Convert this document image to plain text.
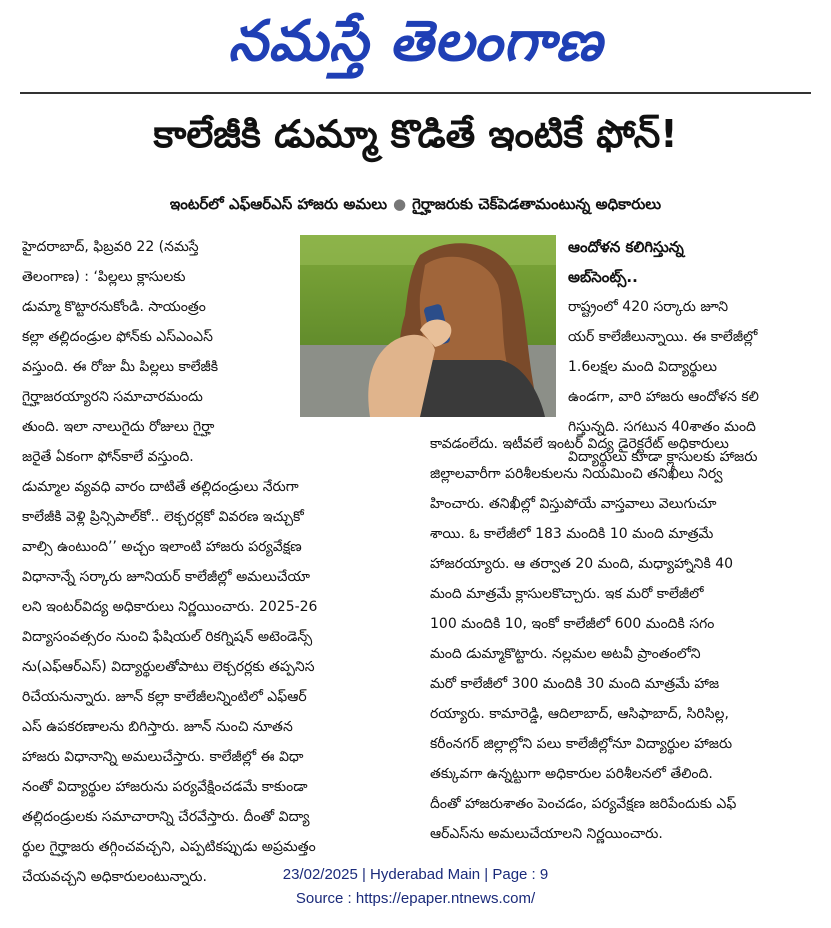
నమస్తే తెలంగాణ
కాలేజీకి డుమ్మా కొడితే ఇంటికే ఫోన్!
ఇంటర్‌లో ఎఫ్‌ఆర్‌ఎస్ హాజరు అమలు ● గైర్హాజరుకు చెక్‌పెడతామంటున్న అధికారులు
హైదరాబాద్, ఫిబ్రవరి 22 (నమస్తే
తెలంగాణ) : ‘పిల్లలు క్లాసులకు
డుమ్మా కొట్టారనుకోండి. సాయంత్రం
కల్లా తల్లిదండ్రుల ఫోన్‌కు ఎస్‌ఎంఎస్
వస్తుంది. ఈ రోజు మీ పిల్లలు కాలేజీకి
గైర్హాజరయ్యారని సమాచారమందు
తుంది. ఇలా నాలుగైదు రోజులు గైర్హా
జరైతే ఏకంగా ఫోన్‌కాలే వస్తుంది.
డుమ్మాల వ్యవధి వారం దాటితే తల్లిదండ్రులు నేరుగా
కాలేజీకి వెళ్లి ప్రిన్సిపాల్‌కో.. లెక్చరర్లకో వివరణ ఇచ్చుకో
వాల్సి ఉంటుంది’’ అచ్చం ఇలాంటి హాజరు పర్యవేక్షణ
విధానాన్నే సర్కారు జూనియర్ కాలేజీల్లో అమలుచేయా
లని ఇంటర్‌విద్య అధికారులు నిర్ణయించారు. 2025-26
విద్యాసంవత్సరం నుంచి ఫేషియల్ రికగ్నిషన్ అటెండెన్స్
ను(ఎఫ్‌ఆర్‌ఎస్) విద్యార్థులతోపాటు లెక్చరర్లకు తప్పనిస
రిచేయనున్నారు. జూన్ కల్లా కాలేజీలన్నింటిలో ఎఫ్‌ఆర్
ఎస్ ఉపకరణాలను బిగిస్తారు. జూన్ నుంచి నూతన
హాజరు విధానాన్ని అమలుచేస్తారు. కాలేజీల్లో ఈ విధా
నంతో విద్యార్థుల హాజరును పర్యవేక్షించడమే కాకుండా
తల్లిదండ్రులకు సమాచారాన్ని చేరవేస్తారు. దీంతో విద్యా
ర్థుల గైర్హాజరు తగ్గించవచ్చని, ఎప్పటికప్పుడు అప్రమత్తం
చేయవచ్చని అధికారులంటున్నారు.
ఆందోళన కలిగిస్తున్న
అబ్‌సెంట్స్..
రాష్ట్రంలో 420 సర్కారు జూని
యర్ కాలేజీలున్నాయి. ఈ కాలేజీల్లో
1.6లక్షల మంది విద్యార్థులు
ఉండగా, వారి హాజరు ఆందోళన కలి
గిస్తున్నది. సగటున 40శాతం మంది
విద్యార్థులు కూడా క్లాసులకు హాజరు
కావడంలేదు. ఇటీవలే ఇంటర్ విద్య డైరెక్టరేట్ అధికారులు
జిల్లాలవారీగా పరిశీలకులను నియమించి తనిఖీలు నిర్వ
హించారు. తనిఖీల్లో విస్తుపోయే వాస్తవాలు వెలుగుచూ
శాయి. ఓ కాలేజీలో 183 మందికి 10 మంది మాత్రమే
హాజరయ్యారు. ఆ తర్వాత 20 మంది, మధ్యాహ్నానికి 40
మంది మాత్రమే క్లాసులకొచ్చారు. ఇక మరో కాలేజీలో
100 మందికి 10, ఇంకో కాలేజీలో 600 మందికి సగం
మంది డుమ్మాకొట్టారు. నల్లమల అటవీ ప్రాంతంలోని
మరో కాలేజీలో 300 మందికి 30 మంది మాత్రమే హాజ
రయ్యారు. కామారెడ్డి, ఆదిలాబాద్, ఆసిఫాబాద్, సిరిసిల్ల,
కరీంనగర్ జిల్లాల్లోని పలు కాలేజీల్లోనూ విద్యార్థుల హాజరు
తక్కువగా ఉన్నట్టుగా అధికారుల పరిశీలనలో తేలింది.
దీంతో హాజరుశాతం పెంచడం, పర్యవేక్షణ జరిపేందుకు ఎఫ్
ఆర్‌ఎస్‌ను అమలుచేయాలని నిర్ణయించారు.
23/02/2025 | Hyderabad Main | Page : 9
Source : https://epaper.ntnews.com/
